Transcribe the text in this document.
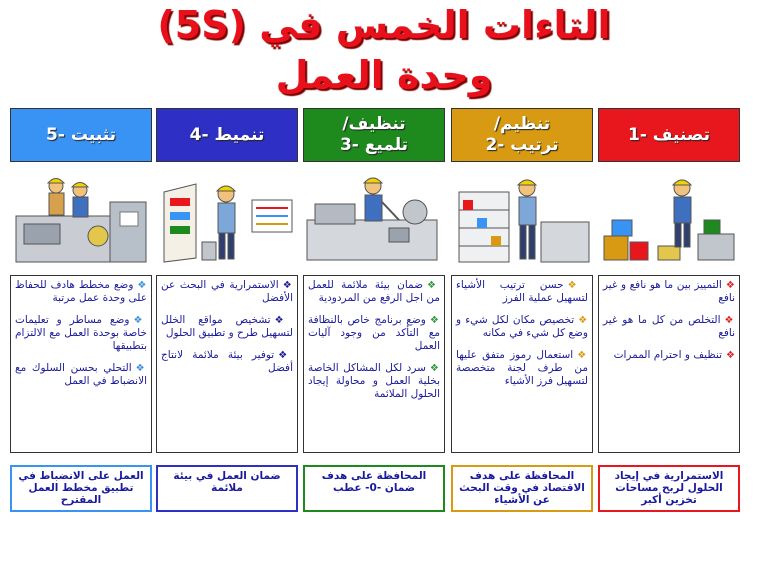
التاءات الخمس في (5S)
وحدة العمل
تثبيت -5

❖وضع مخطط هادف للحفاظ على وحدة عمل مرتبة

❖وضع مساطر و تعليمات خاصة بوحدة العمل مع الالتزام بتطبيقها

❖التحلي بحسن السلوك مع الانضباط في العمل

العمل على الانضباط في تطبيق مخطط العمل المقترح
تنميط -4

❖الاستمرارية في البحث عن الأفضل

❖تشخيص مواقع الخلل لتسهيل طرح و تطبيق الحلول

❖توفير بيئة ملائمة لانتاج أفضل

ضمان العمل في بيئة ملائمة
تنظيف/
تلميع -3

❖ضمان بيئة ملائمة للعمل من اجل الرفع من المردودية

❖وضع برنامج خاص بالنظافة مع التأكد من وجود آليات العمل

❖سرد لكل المشاكل الخاصة بخلية العمل و محاولة إيجاد الحلول الملائمة

المحافظة على هدف ضمان -0- عطب
تنظيم/
ترتيب -2

❖حسن ترتيب الأشياء لتسهيل عملية الفرز

❖تخصيص مكان لكل شيء و وضع كل شيء في مكانه

❖استعمال رموز متفق عليها من طرف لجنة متخصصة لتسهيل فرز الأشياء

المحافظة على هدف الاقتصاد في وقت البحث عن الأشياء
تصنيف -1

❖التمييز بين ما هو نافع و غير نافع

❖التخلص من كل ما هو غير نافع

❖تنظيف و احترام الممرات

الاستمرارية في إيجاد الحلول لربح مساحات تخزين أكبر
